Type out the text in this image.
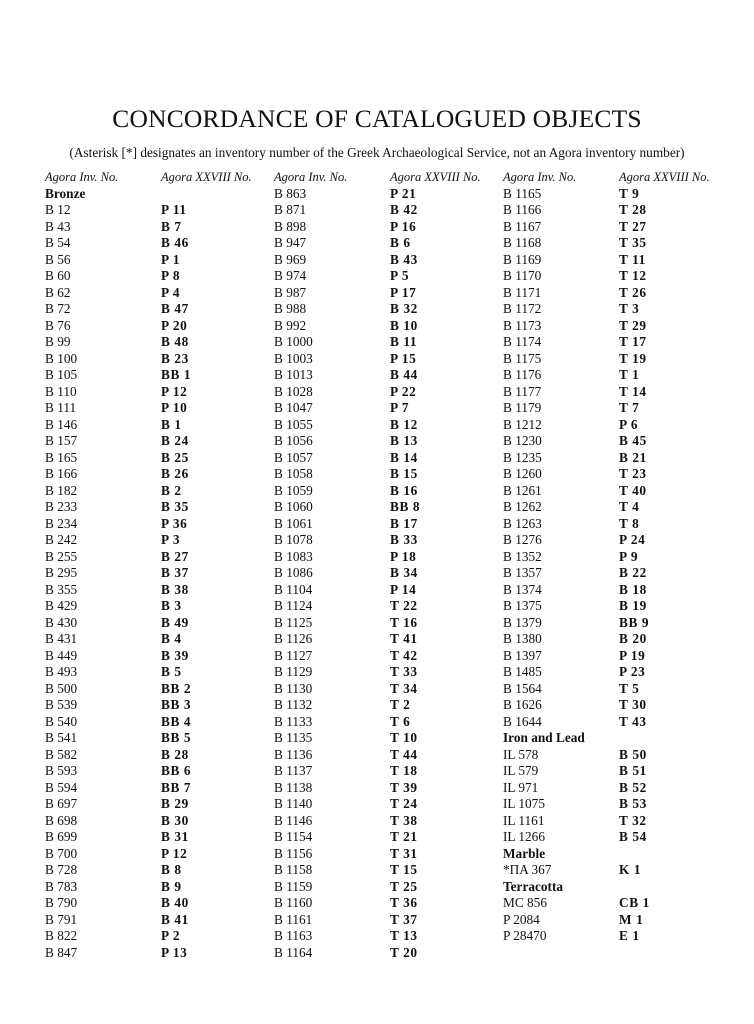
CONCORDANCE OF CATALOGUED OBJECTS
(Asterisk [*] designates an inventory number of the Greek Archaeological Service, not an Agora inventory number)
Agora Inv. No.	Agora XXVIII No.
Bronze
B 12	P 11
B 43	B 7
B 54	B 46
B 56	P 1
B 60	P 8
B 62	P 4
B 72	B 47
B 76	P 20
B 99	B 48
B 100	B 23
B 105	BB 1
B 110	P 12
B 111	P 10
B 146	B 1
B 157	B 24
B 165	B 25
B 166	B 26
B 182	B 2
B 233	B 35
B 234	P 36
B 242	P 3
B 255	B 27
B 295	B 37
B 355	B 38
B 429	B 3
B 430	B 49
B 431	B 4
B 449	B 39
B 493	B 5
B 500	BB 2
B 539	BB 3
B 540	BB 4
B 541	BB 5
B 582	B 28
B 593	BB 6
B 594	BB 7
B 697	B 29
B 698	B 30
B 699	B 31
B 700	P 12
B 728	B 8
B 783	B 9
B 790	B 40
B 791	B 41
B 822	P 2
B 847	P 13
Agora Inv. No.	Agora XXVIII No.
B 863	P 21
B 871	B 42
B 898	P 16
B 947	B 6
B 969	B 43
B 974	P 5
B 987	P 17
B 988	B 32
B 992	B 10
B 1000	B 11
B 1003	P 15
B 1013	B 44
B 1028	P 22
B 1047	P 7
B 1055	B 12
B 1056	B 13
B 1057	B 14
B 1058	B 15
B 1059	B 16
B 1060	BB 8
B 1061	B 17
B 1078	B 33
B 1083	P 18
B 1086	B 34
B 1104	P 14
B 1124	T 22
B 1125	T 16
B 1126	T 41
B 1127	T 42
B 1129	T 33
B 1130	T 34
B 1132	T 2
B 1133	T 6
B 1135	T 10
B 1136	T 44
B 1137	T 18
B 1138	T 39
B 1140	T 24
B 1146	T 38
B 1154	T 21
B 1156	T 31
B 1158	T 15
B 1159	T 25
B 1160	T 36
B 1161	T 37
B 1163	T 13
B 1164	T 20
Agora Inv. No.	Agora XXVIII No.
B 1165	T 9
B 1166	T 28
B 1167	T 27
B 1168	T 35
B 1169	T 11
B 1170	T 12
B 1171	T 26
B 1172	T 3
B 1173	T 29
B 1174	T 17
B 1175	T 19
B 1176	T 1
B 1177	T 14
B 1179	T 7
B 1212	P 6
B 1230	B 45
B 1235	B 21
B 1260	T 23
B 1261	T 40
B 1262	T 4
B 1263	T 8
B 1276	P 24
B 1352	P 9
B 1357	B 22
B 1374	B 18
B 1375	B 19
B 1379	BB 9
B 1380	B 20
B 1397	P 19
B 1485	P 23
B 1564	T 5
B 1626	T 30
B 1644	T 43
Iron and Lead
IL 578	B 50
IL 579	B 51
IL 971	B 52
IL 1075	B 53
IL 1161	T 32
IL 1266	B 54
Marble
*ΠΑ 367	K 1
Terracotta
MC 856	CB 1
P 2084	M 1
P 28470	E 1
